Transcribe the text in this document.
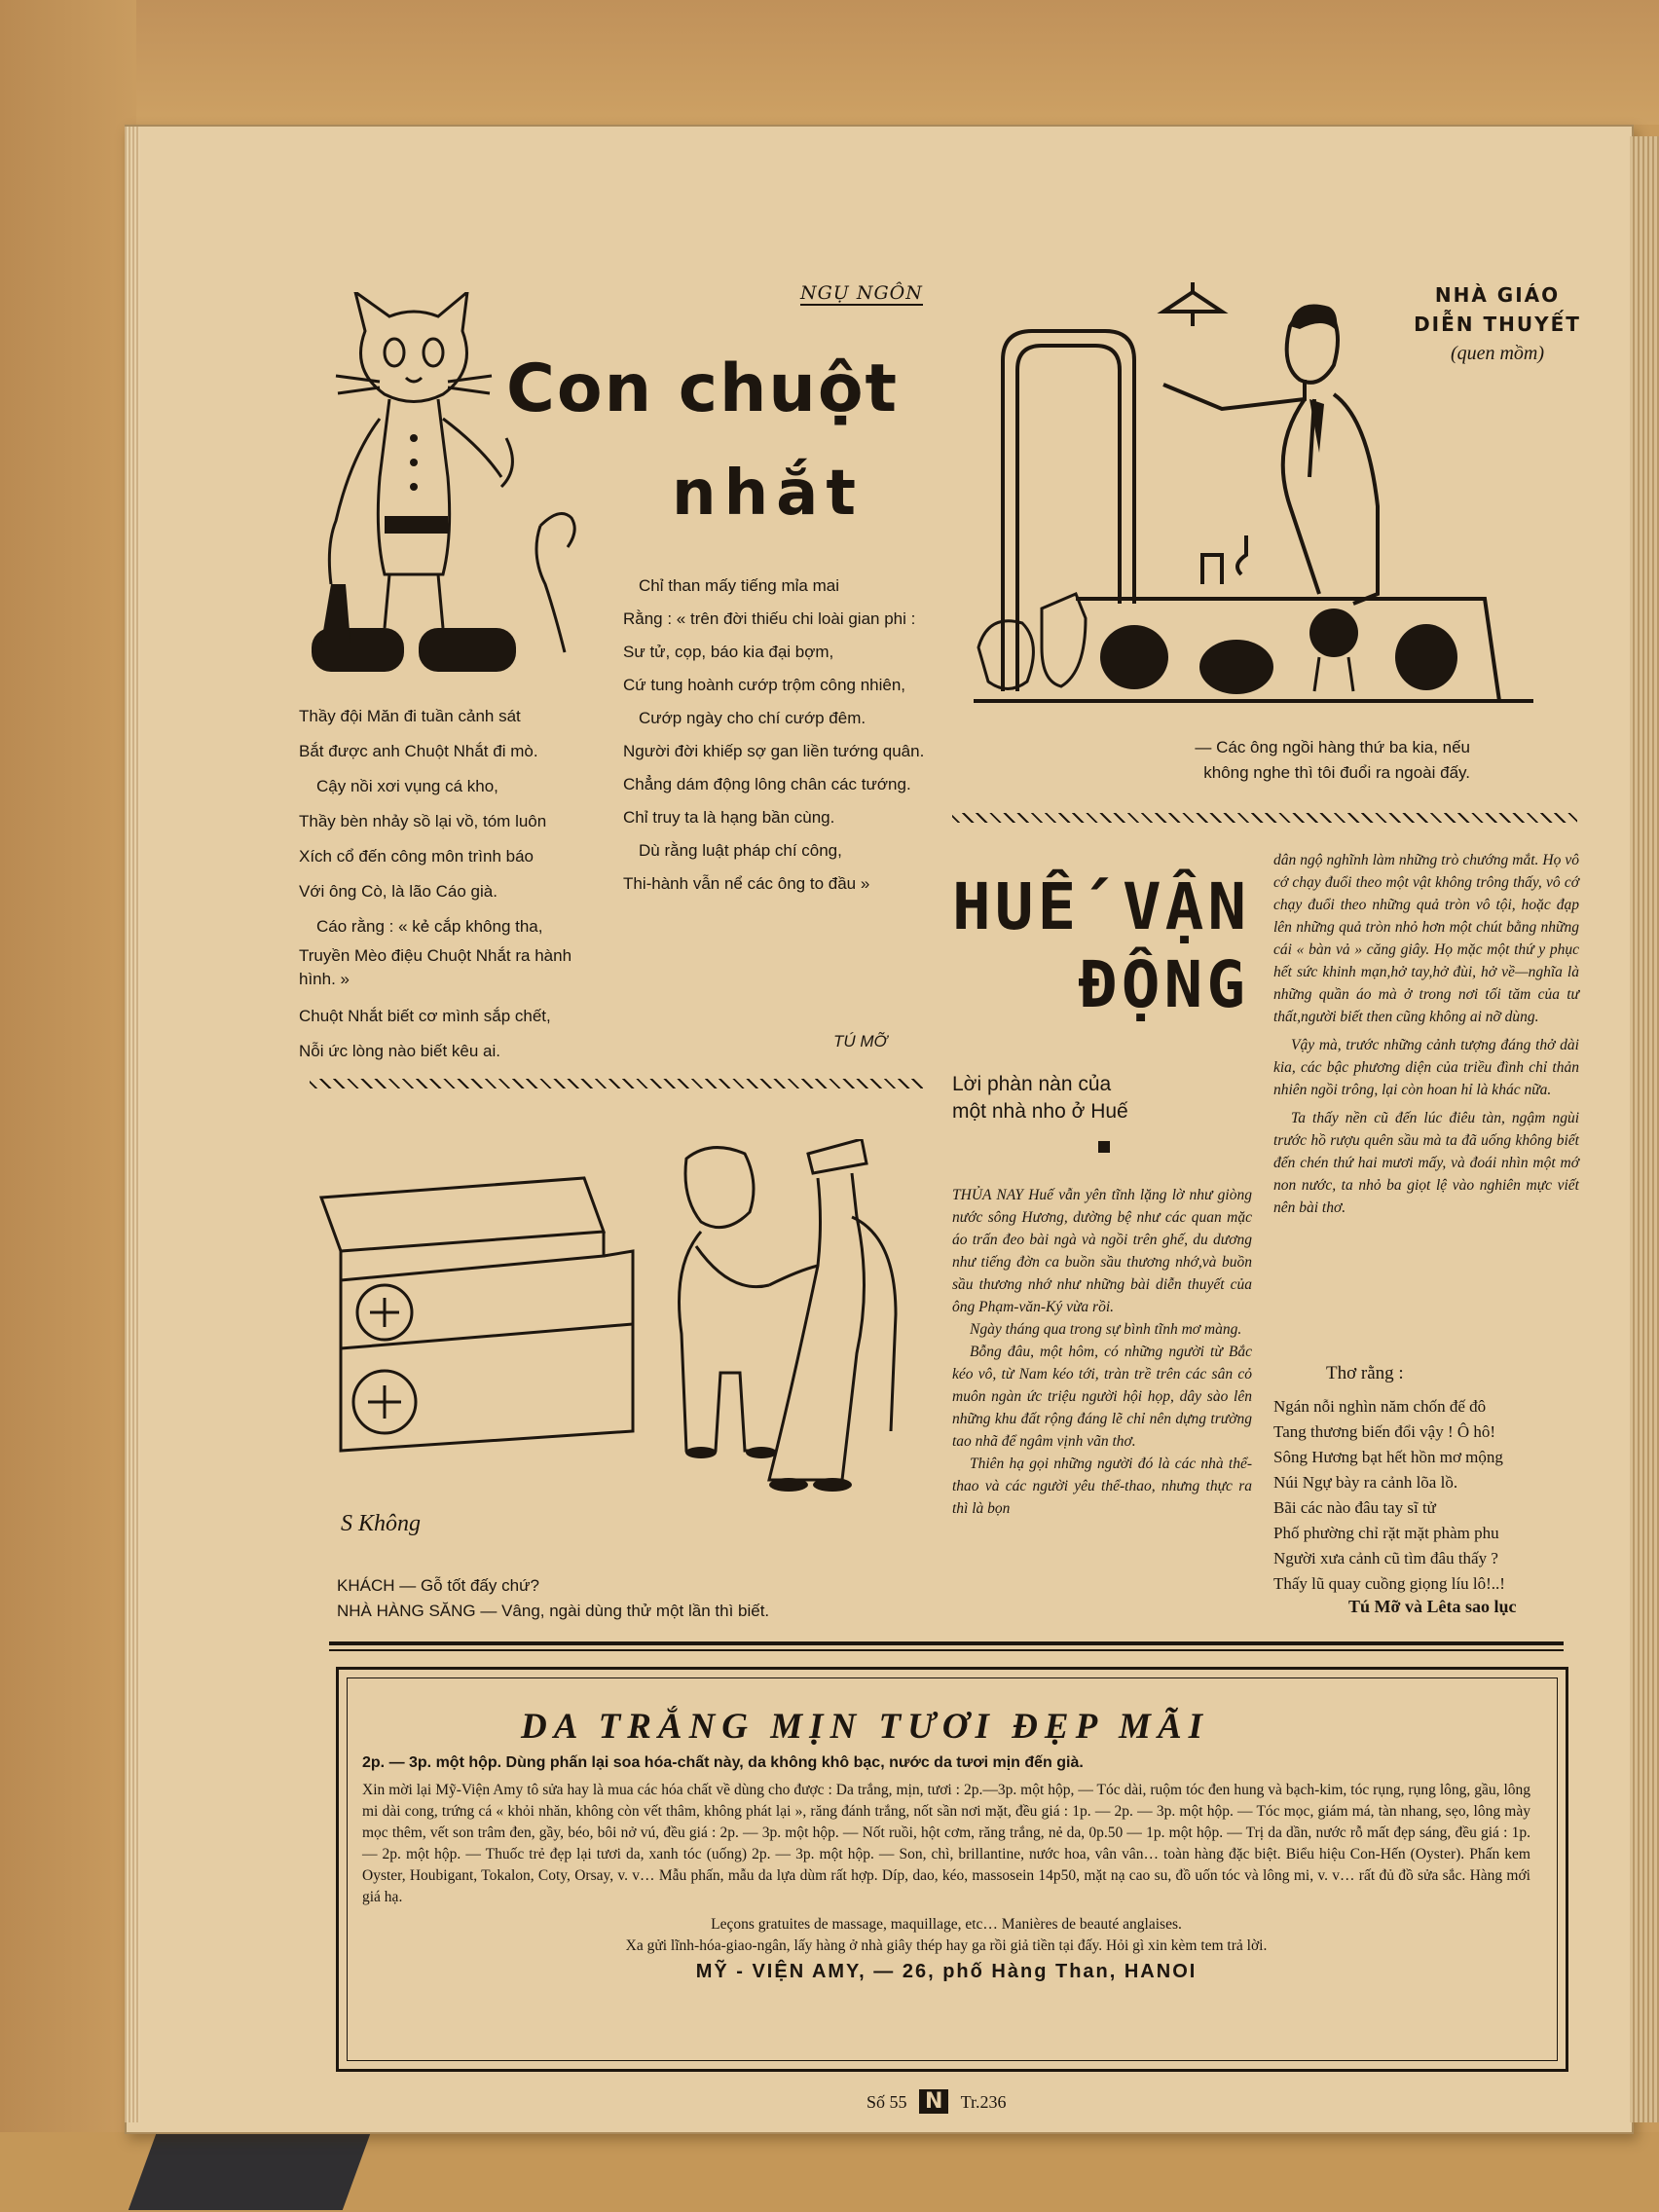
NGỤ NGÔN
Con chuột
nhắt
Thầy đội Măn đi tuần cảnh sát
Bắt được anh Chuột Nhắt đi mò.
Cậy nồi xơi vụng cá kho,
Thầy bèn nhảy sồ lại vồ, tóm luôn
Xích cổ đến công môn trình báo
Với ông Cò, là lão Cáo già.
Cáo rằng : « kẻ cắp không tha,
Truyền Mèo điệu Chuột Nhắt ra hành hình. »
Chuột Nhắt biết cơ mình sắp chết,
Nỗi ức lòng nào biết kêu ai.
Chỉ than mấy tiếng mỉa mai
Rằng : « trên đời thiếu chi loài gian phi :
Sư tử, cọp, báo kia đại bợm,
Cứ tung hoành cướp trộm công nhiên,
Cướp ngày cho chí cướp đêm.
Người đời khiếp sợ gan liền tướng quân.
Chẳng dám động lông chân các tướng.
Chỉ truy ta là hạng bần cùng.
Dù rằng luật pháp chí công,
Thi-hành vẫn nể các ông to đầu »
TÚ MỠ
NHÀ GIÁO
DIỄN THUYẾT
(quen mồm)
— Các ông ngồi hàng thứ ba kia, nếu
không nghe thì tôi đuổi ra ngoài đấy.
S Không
KHÁCH — Gỗ tốt đấy chứ?
NHÀ HÀNG SĂNG — Vâng, ngài dùng thử một lần thì biết.
HUẾ VẬN
ĐỘNG
Lời phàn nàn của
một nhà nho ở Huế

THỦA NAY Huế vẫn yên tĩnh lặng lờ như giòng nước sông Hương, dường bệ như các quan mặc áo trấn đeo bài ngà và ngồi trên ghế, du dương như tiếng đờn ca buồn sầu thương nhớ,và buồn sầu thương nhớ như những bài diễn thuyết của ông Phạm-văn-Ký vừa rồi.

Ngày tháng qua trong sự bình tĩnh mơ màng.

Bỗng đâu, một hôm, có những người từ Bắc kéo vô, từ Nam kéo tới, tràn trề trên các sân cỏ muôn ngàn ức triệu người hội họp, dây sào lên những khu đất rộng đáng lẽ chỉ nên dựng trường tao nhã để ngâm vịnh vãn thơ.

Thiên hạ gọi những người đó là các nhà thể-thao và các người yêu thể-thao, nhưng thực ra thì là bọn

dân ngộ nghĩnh làm những trò chướng mắt. Họ vô cớ chạy đuổi theo một vật không trông thấy, vô cớ chạy đuổi theo những quả tròn vô tội, hoặc đạp lên những quả tròn nhỏ hơn một chút bằng những cái « bàn vả » căng giây. Họ mặc một thứ y phục hết sức khinh mạn,hở tay,hở đùi, hở về—nghĩa là những quần áo mà ở trong nơi tối tăm của tư thất,người biết then cũng không ai nỡ dùng.

Vậy mà, trước những cảnh tượng đáng thở dài kia, các bậc phương diện của triều đình chỉ thản nhiên ngồi trông, lại còn hoan hỉ là khác nữa.

Ta thấy nền cũ đến lúc điêu tàn, ngậm ngùi trước hồ rượu quên sầu mà ta đã uống không biết đến chén thứ hai mươi mấy, và đoái nhìn một mớ non nước, ta nhỏ ba giọt lệ vào nghiên mực viết nên bài thơ.

Thơ rằng :
Ngán nỗi nghìn năm chốn đế đô
Tang thương biến đổi vậy ! Ô hô!
Sông Hương bạt hết hồn mơ mộng
Núi Ngự bày ra cảnh lõa lồ.
Bãi các nào đâu tay sĩ tử
Phố phường chỉ rặt mặt phàm phu
Người xưa cảnh cũ tìm đâu thấy ?
Thấy lũ quay cuồng giọng líu lô!..!
Tú Mỡ và Lêta sao lục
DA TRẮNG MỊN TƯƠI ĐẸP MÃI

2p. — 3p. một hộp. Dùng phấn lại soa hóa-chất này, da không khô bạc, nước da tươi mịn đến già.

Xin mời lại Mỹ-Viện Amy tô sửa hay là mua các hóa chất về dùng cho được : Da trắng, mịn, tươi : 2p.—3p. một hộp, — Tóc dài, ruộm tóc đen hung và bạch-kim, tóc rụng, rụng lông, gầu, lông mi dài cong, trứng cá « khỏi nhăn, không còn vết thâm, không phát lại », răng đánh trắng, nốt sần nơi mặt, đều giá : 1p. — 2p. — 3p. một hộp. — Tóc mọc, giám má, tàn nhang, sẹo, lông mày mọc thêm, vết son trâm đen, gầy, béo, bôi nở vú, đều giá : 2p. — 3p. một hộp. — Nốt ruồi, hột cơm, răng trắng, nẻ da, 0p.50 — 1p. một hộp. — Trị da dần, nước rỗ mất đẹp sáng, đều giá : 1p. — 2p. một hộp. — Thuốc trẻ đẹp lại tươi da, xanh tóc (uống) 2p. — 3p. một hộp. — Son, chì, brillantine, nước hoa, vân vân… toàn hàng đặc biệt. Biểu hiệu Con-Hến (Oyster). Phấn kem Oyster, Houbigant, Tokalon, Coty, Orsay, v. v… Mẫu phấn, mẫu da lựa dùm rất hợp. Díp, dao, kéo, massosein 14p50, mặt nạ cao su, đồ uốn tóc và lông mi, v. v… rất đủ đồ sửa sắc. Hàng mới giá hạ.

Leçons gratuites de massage, maquillage, etc… Manières de beauté anglaises.

Xa gửi lĩnh-hóa-giao-ngân, lấy hàng ở nhà giây thép hay ga rồi giả tiền tại đấy. Hỏi gì xin kèm tem trả lời.

MỸ - VIỆN AMY, — 26, phố Hàng Than, HANOI

Số 55 N Tr.236
